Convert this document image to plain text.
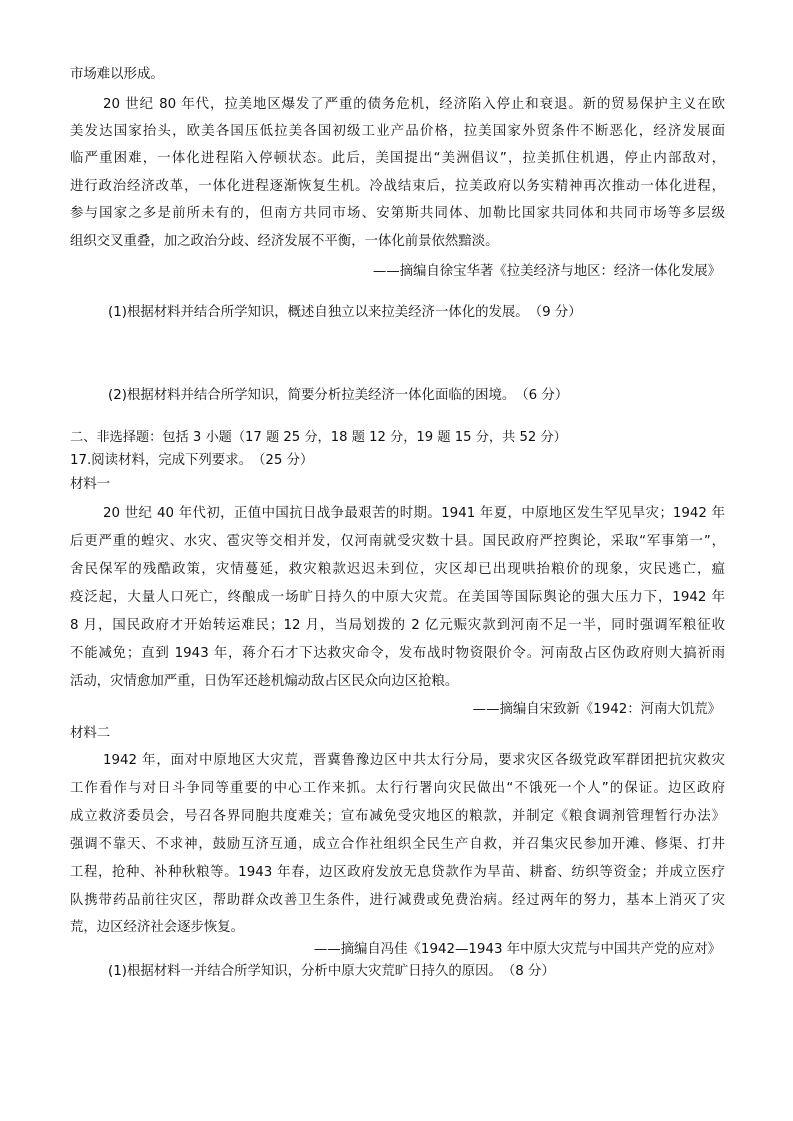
市场难以形成。
20 世纪 80 年代，拉美地区爆发了严重的债务危机，经济陷入停止和衰退。新的贸易保护主义在欧
美发达国家抬头，欧美各国压低拉美各国初级工业产品价格，拉美国家外贸条件不断恶化，经济发展面
临严重困难，一体化进程陷入停顿状态。此后，美国提出“美洲倡议”，拉美抓住机遇，停止内部敌对，
进行政治经济改革，一体化进程逐渐恢复生机。冷战结束后，拉美政府以务实精神再次推动一体化进程，
参与国家之多是前所未有的，但南方共同市场、安第斯共同体、加勒比国家共同体和共同市场等多层级
组织交叉重叠，加之政治分歧、经济发展不平衡，一体化前景依然黯淡。
——摘编自徐宝华著《拉美经济与地区：经济一体化发展》
(1)根据材料并结合所学知识，概述自独立以来拉美经济一体化的发展。　（9 分）
(2)根据材料并结合所学知识，简要分析拉美经济一体化面临的困境。　（6 分）
二、非选择题：包括 3 小题（17 题 25 分，18 题 12 分，19 题 15 分，共 52 分）
17.阅读材料，完成下列要求。　（25 分）
材料一
20 世纪 40 年代初，正值中国抗日战争最艰苦的时期。1941 年夏，中原地区发生罕见旱灾；1942 年
后更严重的蝗灾、水灾、雹灾等交相并发，仅河南就受灾数十县。国民政府严控舆论，采取“军事第一”，
舍民保军的残酷政策，灾情蔓延，救灾粮款迟迟未到位，灾区却已出现哄抬粮价的现象，灾民逃亡，瘟
疫泛起，大量人口死亡，终酿成一场旷日持久的中原大灾荒。在美国等国际舆论的强大压力下，1942 年
8 月，国民政府才开始转运难民；12 月，当局划拨的 2 亿元赈灾款到河南不足一半，同时强调军粮征收
不能减免；直到 1943 年，蒋介石才下达救灾命令，发布战时物资限价令。河南敌占区伪政府则大搞祈雨
活动，灾情愈加严重，日伪军还趁机煽动敌占区民众向边区抢粮。
——摘编自宋致新《1942：河南大饥荒》
材料二
1942 年，面对中原地区大灾荒，晋冀鲁豫边区中共太行分局，要求灾区各级党政军群团把抗灾救灾
工作看作与对日斗争同等重要的中心工作来抓。太行行署向灾民做出“不饿死一个人”的保证。边区政府
成立救济委员会，号召各界同胞共度难关；宣布减免受灾地区的粮款，并制定《粮食调剂管理暂行办法》
强调不靠天、不求神，鼓励互济互通，成立合作社组织全民生产自救，并召集灾民参加开滩、修渠、打井
工程，抢种、补种秋粮等。1943 年春，边区政府发放无息贷款作为旱苗、耕畜、纺织等资金；并成立医疗
队携带药品前往灾区，帮助群众改善卫生条件，进行减费或免费治病。经过两年的努力，基本上消灭了灾
荒，边区经济社会逐步恢复。
——摘编自冯佳《1942—1943 年中原大灾荒与中国共产党的应对》
(1)根据材料一并结合所学知识，分析中原大灾荒旷日持久的原因。　（8 分）
